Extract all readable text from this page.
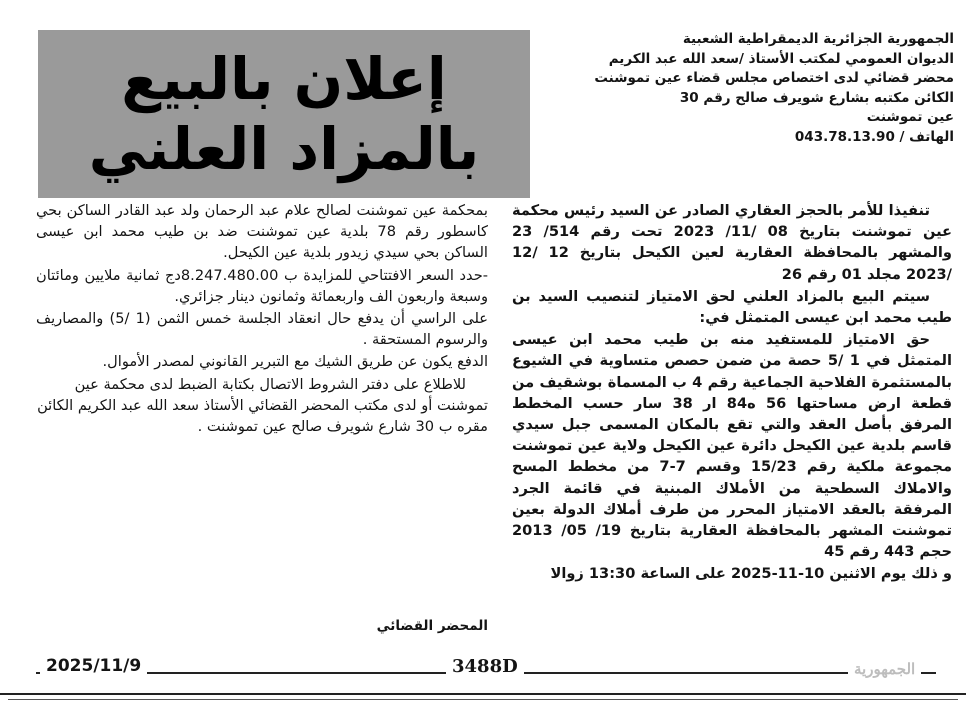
الجمهورية الجزائرية الديمقراطية الشعبية
الديوان العمومي لمكتب الأستاذ /سعد الله عبد الكريم
محضر قضائي لدى اختصاص مجلس قضاء عين تموشنت
الكائن مكتبه بشارع شويرف صالح رقم 30
عين تموشنت
الهاتف / 043.78.13.90
إعلان بالبيع
بالمزاد العلني

تنفيذا للأمر بالحجز العقاري الصادر عن السيد رئيس محكمة عين تموشنت بتاريخ 08 /11/ 2023 تحت رقم 514/ 23 والمشهر بالمحافظة العقارية لعين الكيحل بتاريخ 12 /12 /2023 مجلد 01 رقم 26

سيتم البيع بالمزاد العلني لحق الامتياز لتنصيب السيد بن طيب محمد ابن عيسى المتمثل في:

حق الامتياز للمستفيد منه بن طيب محمد ابن عيسى المتمثل في 1 /5 حصة من ضمن حصص متساوية في الشيوع بالمستثمرة الفلاحية الجماعية رقم 4 ب المسماة بوشقيف من قطعة ارض مساحتها 56 ه84 ار 38 سار حسب المخطط المرفق بأصل العقد والتي تقع بالمكان المسمى جبل سيدي قاسم بلدية عين الكيحل دائرة عين الكيحل ولاية عين تموشنت مجموعة ملكية رقم 15/23 وقسم 7-7 من مخطط المسح والاملاك السطحية من الأملاك المبنية في قائمة الجرد المرفقة بالعقد الامتياز المحرر من طرف أملاك الدولة بعين تموشنت المشهر بالمحافظة العقارية بتاريخ 19/ 05/ 2013 حجم 443 رقم 45

و ذلك يوم الاثنين 10-11-2025 على الساعة 13:30 زوالا

بمحكمة عين تموشنت لصالح علام عبد الرحمان ولد عبد القادر الساكن بحي كاسطور رقم 78 بلدية عين تموشنت ضد بن طيب محمد ابن عيسى الساكن بحي سيدي زيدور بلدية عين الكيحل.

-حدد السعر الافتتاحي للمزايدة ب 8.247.480.00دج ثمانية ملايين ومائتان وسبعة واربعون الف واربعمائة وثمانون دينار جزائري.

على الراسي أن يدفع حال انعقاد الجلسة خمس الثمن (1 /5) والمصاريف والرسوم المستحقة .

الدفع يكون عن طريق الشيك مع التبرير القانوني لمصدر الأموال.

للاطلاع على دفتر الشروط الاتصال بكتابة الضبط لدى محكمة عين تموشنت أو لدى مكتب المحضر القضائي الأستاذ سعد الله عبد الكريم الكائن مقره ب 30 شارع شويرف صالح عين تموشنت .

المحضر القضائي
2025/11/9	3488D	الجمهورية
